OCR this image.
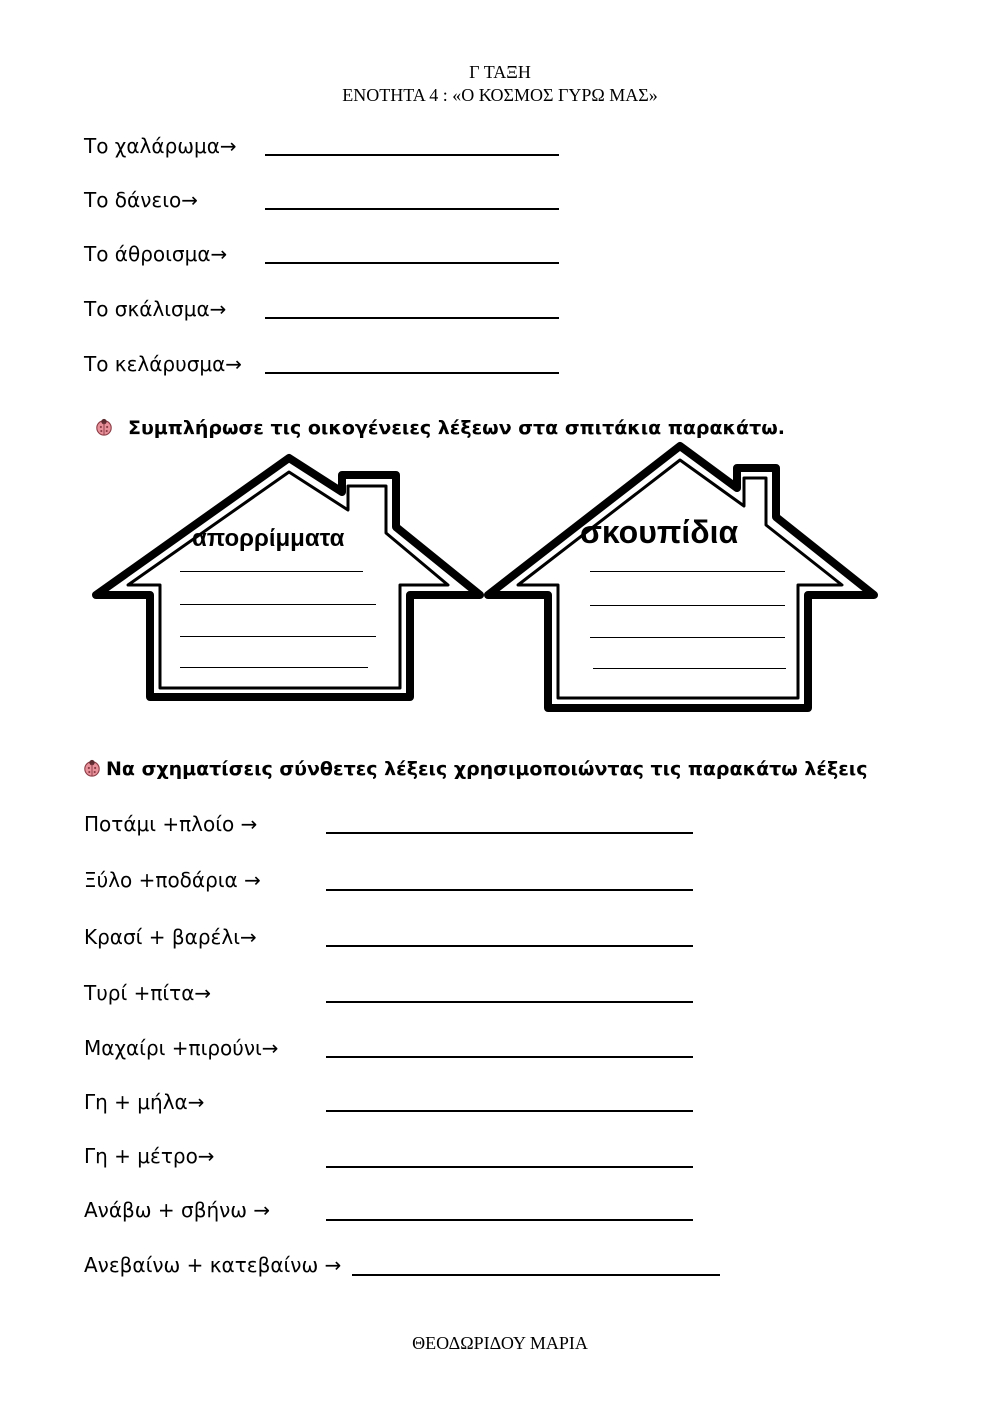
Γ ΤΑΞΗ
ΕΝΟΤΗΤΑ 4 : «Ο ΚΟΣΜΟΣ ΓΥΡΩ ΜΑΣ»
Το χαλάρωμα→
Το δάνειο→
Το άθροισμα→
Το σκάλισμα→
Το κελάρυσμα→
Συμπλήρωσε τις οικογένειες λέξεων στα σπιτάκια παρακάτω.
απορρίμματα	σκουπίδια
Να σχηματίσεις σύνθετες λέξεις χρησιμοποιώντας τις παρακάτω λέξεις
Ποτάμι +πλοίο →
Ξύλο +ποδάρια →
Κρασί + βαρέλι→
Τυρί +πίτα→
Μαχαίρι +πιρούνι→
Γη + μήλα→
Γη + μέτρο→
Ανάβω + σβήνω →
Ανεβαίνω + κατεβαίνω →
ΘΕΟΔΩΡΙΔΟΥ ΜΑΡΙΑ
